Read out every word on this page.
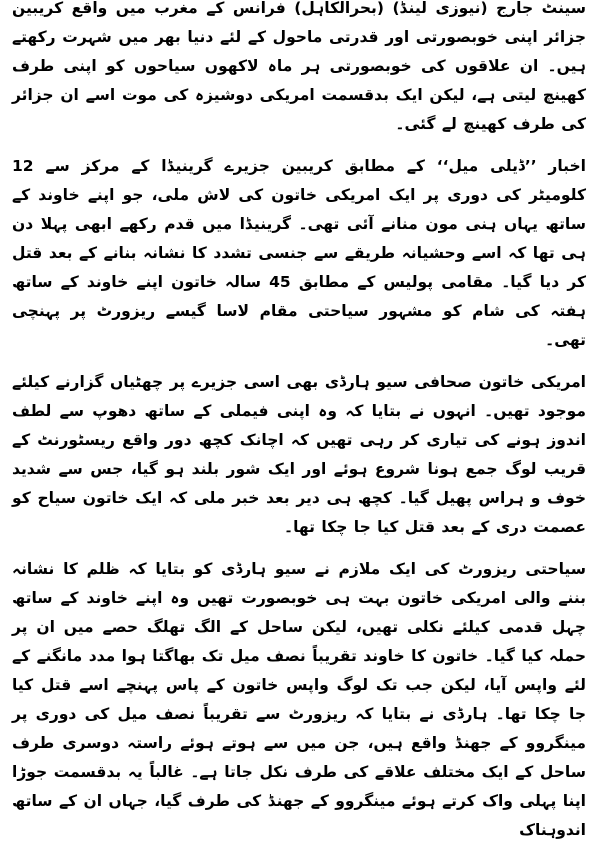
سینٹ جارج (نیوزی لینڈ) (بحرالکاہل) فرانس کے مغرب میں واقع کریبین جزائر اپنی خوبصورتی اور قدرتی ماحول کے لئے دنیا بھر میں شہرت رکھتے ہیں۔ ان علاقوں کی خوبصورتی ہر ماہ لاکھوں سیاحوں کو اپنی طرف کھینچ لیتی ہے، لیکن ایک بدقسمت امریکی دوشیزہ کی موت اسے ان جزائر کی طرف کھینچ لے گئی۔

اخبار ’’ڈیلی میل‘‘ کے مطابق کریبین جزیرے گرینیڈا کے مرکز سے 12 کلومیٹر کی دوری پر ایک امریکی خاتون کی لاش ملی، جو اپنے خاوند کے ساتھ یہاں ہنی مون منانے آئی تھی۔ گرینیڈا میں قدم رکھے ابھی پہلا دن ہی تھا کہ اسے وحشیانہ طریقے سے جنسی تشدد کا نشانہ بنانے کے بعد قتل کر دیا گیا۔ مقامی پولیس کے مطابق 45 سالہ خاتون اپنے خاوند کے ساتھ ہفتہ کی شام کو مشہور سیاحتی مقام لاسا گیسے ریزورٹ پر پہنچی تھی۔

امریکی خاتون صحافی سیو ہارڈی بھی اسی جزیرے پر چھٹیاں گزارنے کیلئے موجود تھیں۔ انہوں نے بتایا کہ وہ اپنی فیملی کے ساتھ دھوپ سے لطف اندوز ہونے کی تیاری کر رہی تھیں کہ اچانک کچھ دور واقع ریسٹورنٹ کے قریب لوگ جمع ہونا شروع ہوئے اور ایک شور بلند ہو گیا، جس سے شدید خوف و ہراس پھیل گیا۔ کچھ ہی دیر بعد خبر ملی کہ ایک خاتون سیاح کو عصمت دری کے بعد قتل کیا جا چکا تھا۔

سیاحتی ریزورٹ کی ایک ملازم نے سیو ہارڈی کو بتایا کہ ظلم کا نشانہ بننے والی امریکی خاتون بہت ہی خوبصورت تھیں وہ اپنے خاوند کے ساتھ چہل قدمی کیلئے نکلی تھیں، لیکن ساحل کے الگ تھلگ حصے میں ان پر حملہ کیا گیا۔ خاتون کا خاوند تقریباً نصف میل تک بھاگتا ہوا مدد مانگنے کے لئے واپس آیا، لیکن جب تک لوگ واپس خاتون کے پاس پہنچے اسے قتل کیا جا چکا تھا۔ ہارڈی نے بتایا کہ ریزورٹ سے تقریباً نصف میل کی دوری پر مینگروو کے جھنڈ واقع ہیں، جن میں سے ہوتے ہوئے راستہ دوسری طرف ساحل کے ایک مختلف علاقے کی طرف نکل جاتا ہے۔ غالباً یہ بدقسمت جوڑا اپنا پہلی واک کرتے ہوئے مینگروو کے جھنڈ کی طرف گیا، جہاں ان کے ساتھ اندوہناک
